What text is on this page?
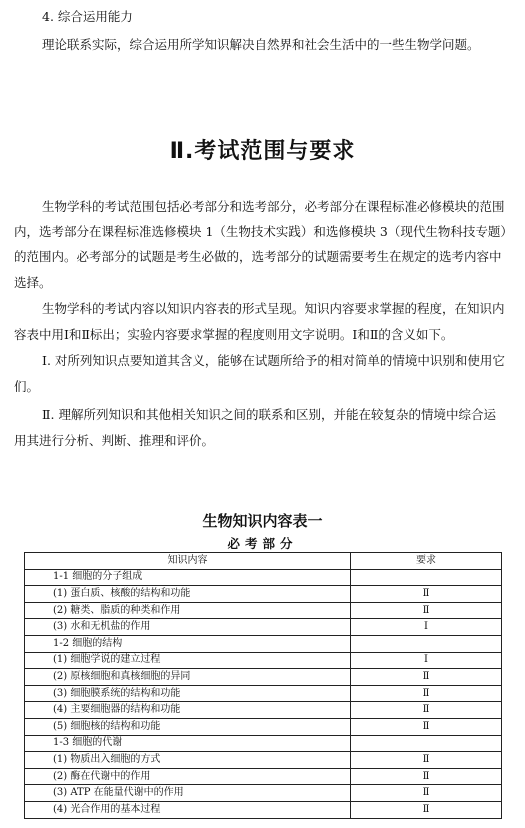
4. 综合运用能力
理论联系实际，综合运用所学知识解决自然界和社会生活中的一些生物学问题。
Ⅱ.考试范围与要求
生物学科的考试范围包括必考部分和选考部分，必考部分在课程标准必修模块的范围
内，选考部分在课程标准选修模块 1（生物技术实践）和选修模块 3（现代生物科技专题）
的范围内。必考部分的试题是考生必做的，选考部分的试题需要考生在规定的选考内容中
选择。
生物学科的考试内容以知识内容表的形式呈现。知识内容要求掌握的程度，在知识内
容表中用Ⅰ和Ⅱ标出；实验内容要求掌握的程度则用文字说明。Ⅰ和Ⅱ的含义如下。
Ⅰ. 对所列知识点要知道其含义，能够在试题所给予的相对简单的情境中识别和使用它
们。
Ⅱ. 理解所列知识和其他相关知识之间的联系和区别，并能在较复杂的情境中综合运
用其进行分析、判断、推理和评价。
生物知识内容表一
必考部分
知识内容	要求
1-1 细胞的分子组成	
(1) 蛋白质、核酸的结构和功能	Ⅱ
(2) 糖类、脂质的种类和作用	Ⅱ
(3) 水和无机盐的作用	Ⅰ
1-2 细胞的结构	
(1) 细胞学说的建立过程	Ⅰ
(2) 原核细胞和真核细胞的异同	Ⅱ
(3) 细胞膜系统的结构和功能	Ⅱ
(4) 主要细胞器的结构和功能	Ⅱ
(5) 细胞核的结构和功能	Ⅱ
1-3 细胞的代谢	
(1) 物质出入细胞的方式	Ⅱ
(2) 酶在代谢中的作用	Ⅱ
(3) ATP 在能量代谢中的作用	Ⅱ
(4) 光合作用的基本过程	Ⅱ
